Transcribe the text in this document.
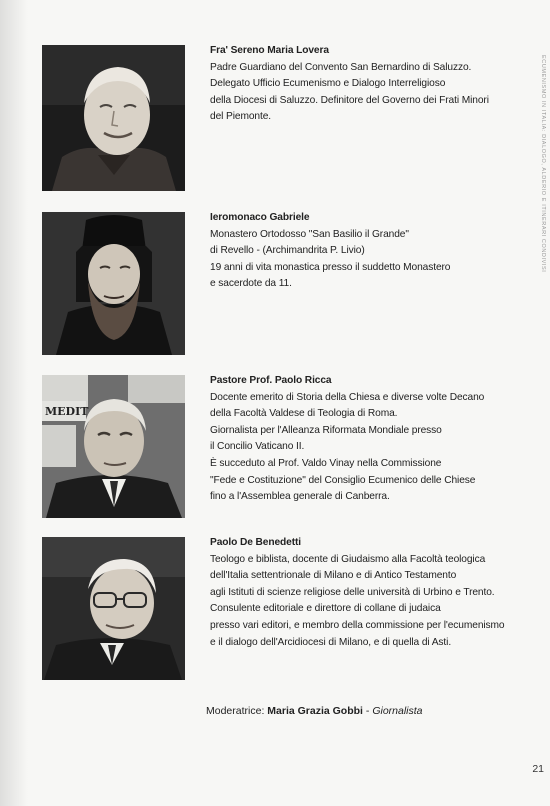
Fra' Sereno Maria Lovera
Padre Guardiano del Convento San Bernardino di Saluzzo.
Delegato Ufficio Ecumenismo e Dialogo Interreligioso
della Diocesi di Saluzzo. Definitore del Governo dei Frati Minori
del Piemonte.
Ieromonaco Gabriele
Monastero Ortodosso "San Basilio il Grande"
di Revello - (Archimandrita P. Livio)
19 anni di vita monastica presso il suddetto Monastero
e sacerdote da 11.
MEDIT
Pastore Prof. Paolo Ricca
Docente emerito di Storia della Chiesa e diverse volte Decano
della Facoltà Valdese di Teologia di Roma.
Giornalista per l'Alleanza Riformata Mondiale presso
il Concilio Vaticano II.
È succeduto al Prof. Valdo Vinay nella Commissione
"Fede e Costituzione" del Consiglio Ecumenico delle Chiese
fino a l'Assemblea generale di Canberra.
Paolo De Benedetti
Teologo e biblista, docente di Giudaismo alla Facoltà teologica
dell'Italia settentrionale di Milano e di Antico Testamento
agli Istituti di scienze religiose delle università di Urbino e Trento.
Consulente editoriale e direttore di collane di judaica
presso vari editori, e membro della commissione per l'ecumenismo
e il dialogo dell'Arcidiocesi di Milano, e di quella di Asti.
Moderatrice: Maria Grazia Gobbi - Giornalista
ECUMENISMO IN ITALIA: DIALOGO, ALDERIO E ITINERARI CONDIVISI
21
